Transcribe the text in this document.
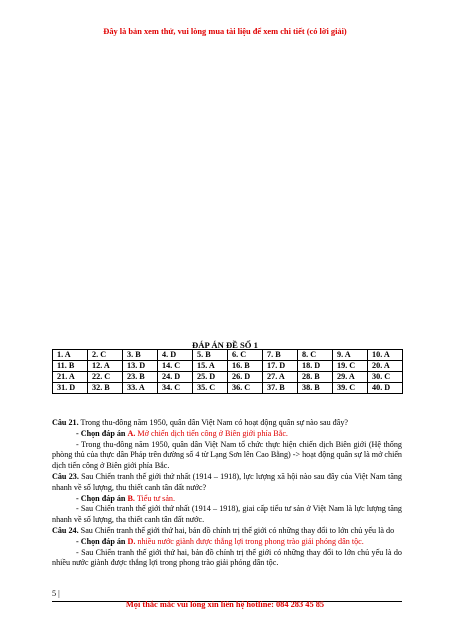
Đây là bản xem thử, vui lòng mua tài liệu để xem chi tiết (có lời giải)
ĐÁP ÁN ĐỀ SỐ 1
1. A	2. C	3. B	4. D	5. B	6. C	7. B	8. C	9. A	10. A
11. B	12. A	13. D	14. C	15. A	16. B	17. D	18. D	19. C	20. A
21. A	22. C	23. B	24. D	25. D	26. D	27. A	28. B	29. A	30. C
31. D	32. B	33. A	34. C	35. C	36. C	37. B	38. B	39. C	40. D

Câu 21. Trong thu-đông năm 1950, quân dân Việt Nam có hoạt động quân sự nào sau đây?

- Chọn đáp án A. Mở chiến dịch tiến công ở Biên giới phía Bắc.

- Trong thu-đông năm 1950, quân dân Việt Nam tổ chức thực hiện chiến dịch Biên giới (Hệ thống phòng thủ của thực dân Pháp trên đường số 4 từ Lạng Sơn lên Cao Bằng) -> hoạt động quân sự là mở chiến dịch tiến công ở Biên giới phía Bắc.

Câu 23. Sau Chiến tranh thế giới thứ nhất (1914 – 1918), lực lượng xã hội nào sau đây của Việt Nam tăng nhanh về số lượng, thu thiết canh tân đất nước?

- Chọn đáp án B. Tiểu tư sản.

- Sau Chiến tranh thế giới thứ nhất (1914 – 1918), giai cấp tiểu tư sản ở Việt Nam là lực lượng tăng nhanh về số lượng, tha thiết canh tân đất nước.

Câu 24. Sau Chiến tranh thế giới thứ hai, bản đồ chính trị thế giới có những thay đổi to lớn chủ yếu là do

- Chọn đáp án D. nhiều nước giành được thắng lợi trong phong trào giải phóng dân tộc.

- Sau Chiến tranh thế giới thứ hai, bản đồ chính trị thế giới có những thay đổi to lớn chủ yếu là do nhiều nước giành được thắng lợi trong phong trào giải phóng dân tộc.

5 |
Mọi thắc mắc vui lòng xin liên hệ hotline: 084 283 45 85
